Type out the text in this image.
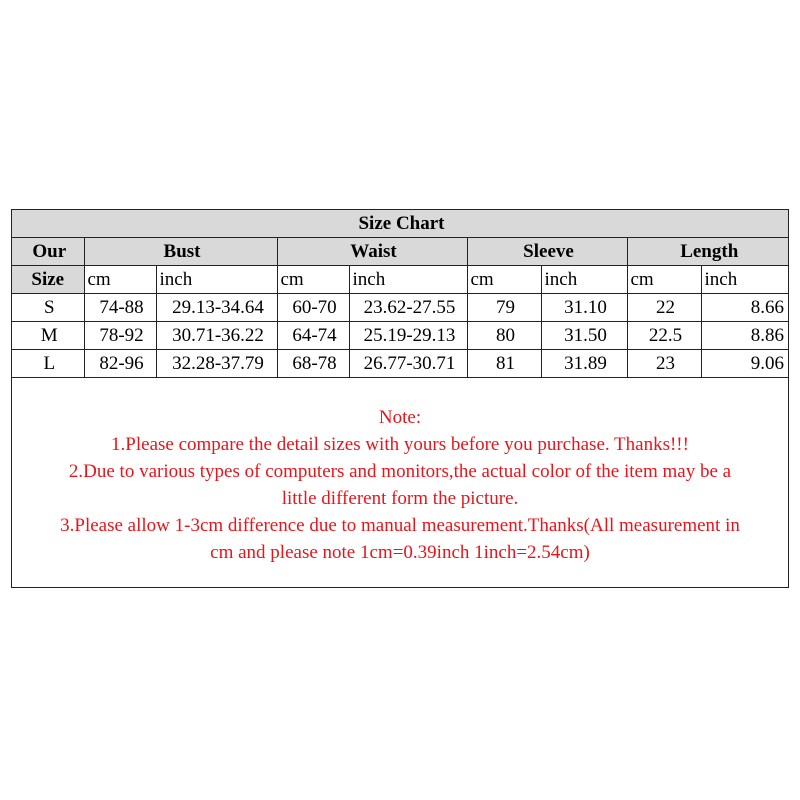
Size Chart								
Our	Bust		Waist		Sleeve		Length	
Size	cm	inch	cm	inch	cm	inch	cm	inch
S	74-88	29.13-34.64	60-70	23.62-27.55	79	31.10	22	8.66
M	78-92	30.71-36.22	64-74	25.19-29.13	80	31.50	22.5	8.86
L	82-96	32.28-37.79	68-78	26.77-30.71	81	31.89	23	9.06

Note:

1.Please compare the detail sizes with yours before you purchase. Thanks!!!

2.Due to various types of computers and monitors,the actual color of the item may be a

little different form the picture.

3.Please allow 1-3cm difference due to manual measurement.Thanks(All measurement in

cm and please note 1cm=0.39inch 1inch=2.54cm)
